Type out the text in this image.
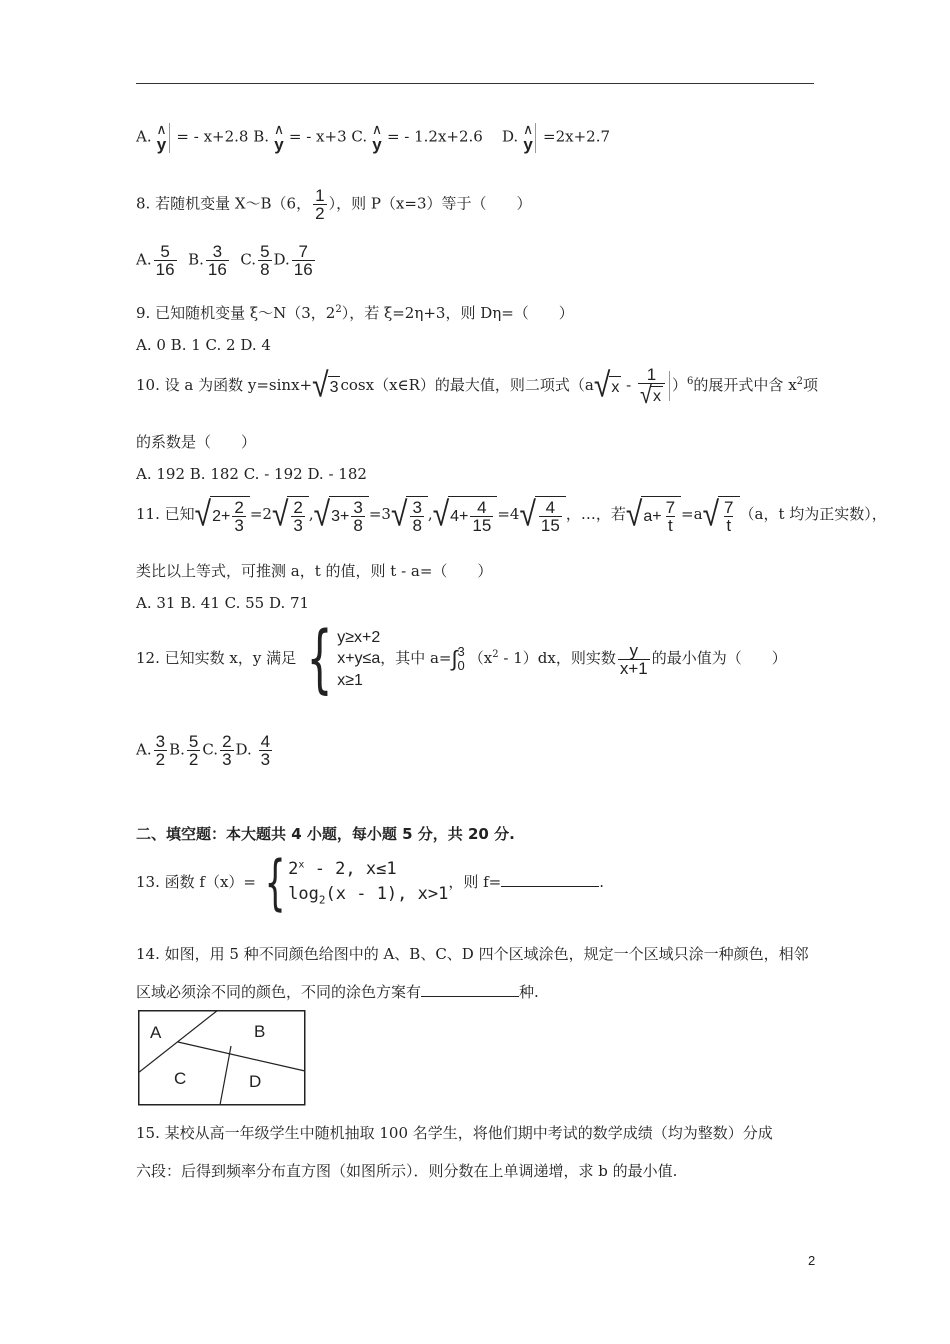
A. ∧
y = - x+2.8 B. ∧
y = - x+3 C. ∧
y = - 1.2x+2.6 D. ∧
y =2x+2.7
8. 若随机变量 X～B（6， $\frac{1}{2}$ ），则 P（x=3）等于（　　）
A. $\frac{5}{16} B$. $\frac{3}{16} C$. $\frac{5}{8} D$. $\frac{7}{16}$
9. 已知随机变量 ξ～N（3，$2^2$），若 ξ=2η+3，则 Dη=（　　）
A. 0 B. 1 C. 2 D. 4
10. 设 a 为函数 y=sinx+ √ 3 cosx（x∈R）的最大值，则二项式（a √ x - $\frac{1}{√ x} )^6$的展开式中含 $x^2$项
的系数是（　　）
A. 192 B. 182 C. - 192 D. - 182
11. 已知 √ $2+ \frac{2}{3} =2$ √ $\frac{2}{3}$ , √ $3+ \frac{3}{8} =3$ √ $\frac{3}{8}$ , √ $4+ \frac{4}{15} =4$ √ $\frac{4}{15}$ ，…，若 √ $a+ \frac{7}{t} =a$ √ $\frac{7}{t} (a$，t 均为正实数），
类比以上等式，可推测 a，t 的值，则 t - a=（　　）
A. 31 B. 41 C. 55 D. 71
12. 已知实数 x，y 满足 { y≥x+2
x+y≤a
x≥1
，其中 a=∫ 3
0 $(x^2 - 1)dx$，则实数 $\frac{y}{x+1}$ 的最小值为（　　）
A. $\frac{3}{2} B$. $\frac{5}{2} C$. $\frac{2}{3} D$. $\frac{4}{3}$
二、填空题：本大题共 4 小题，每小题 5 分，共 20 分.
13. 函数 f（x）= { 2$^x$ - 2, x≤1
$\log_2(x - 1)$, x>1
，则 f=	.
14. 如图，用 5 种不同颜色给图中的 A、B、C、D 四个区域涂色，规定一个区域只涂一种颜色，相邻
区域必须涂不同的颜色，不同的涂色方案有	种.
A	B
C	D
15. 某校从高一年级学生中随机抽取 100 名学生，将他们期中考试的数学成绩（均为整数）分成
六段：后得到频率分布直方图（如图所示）．则分数在上单调递增，求 b 的最小值.
2
